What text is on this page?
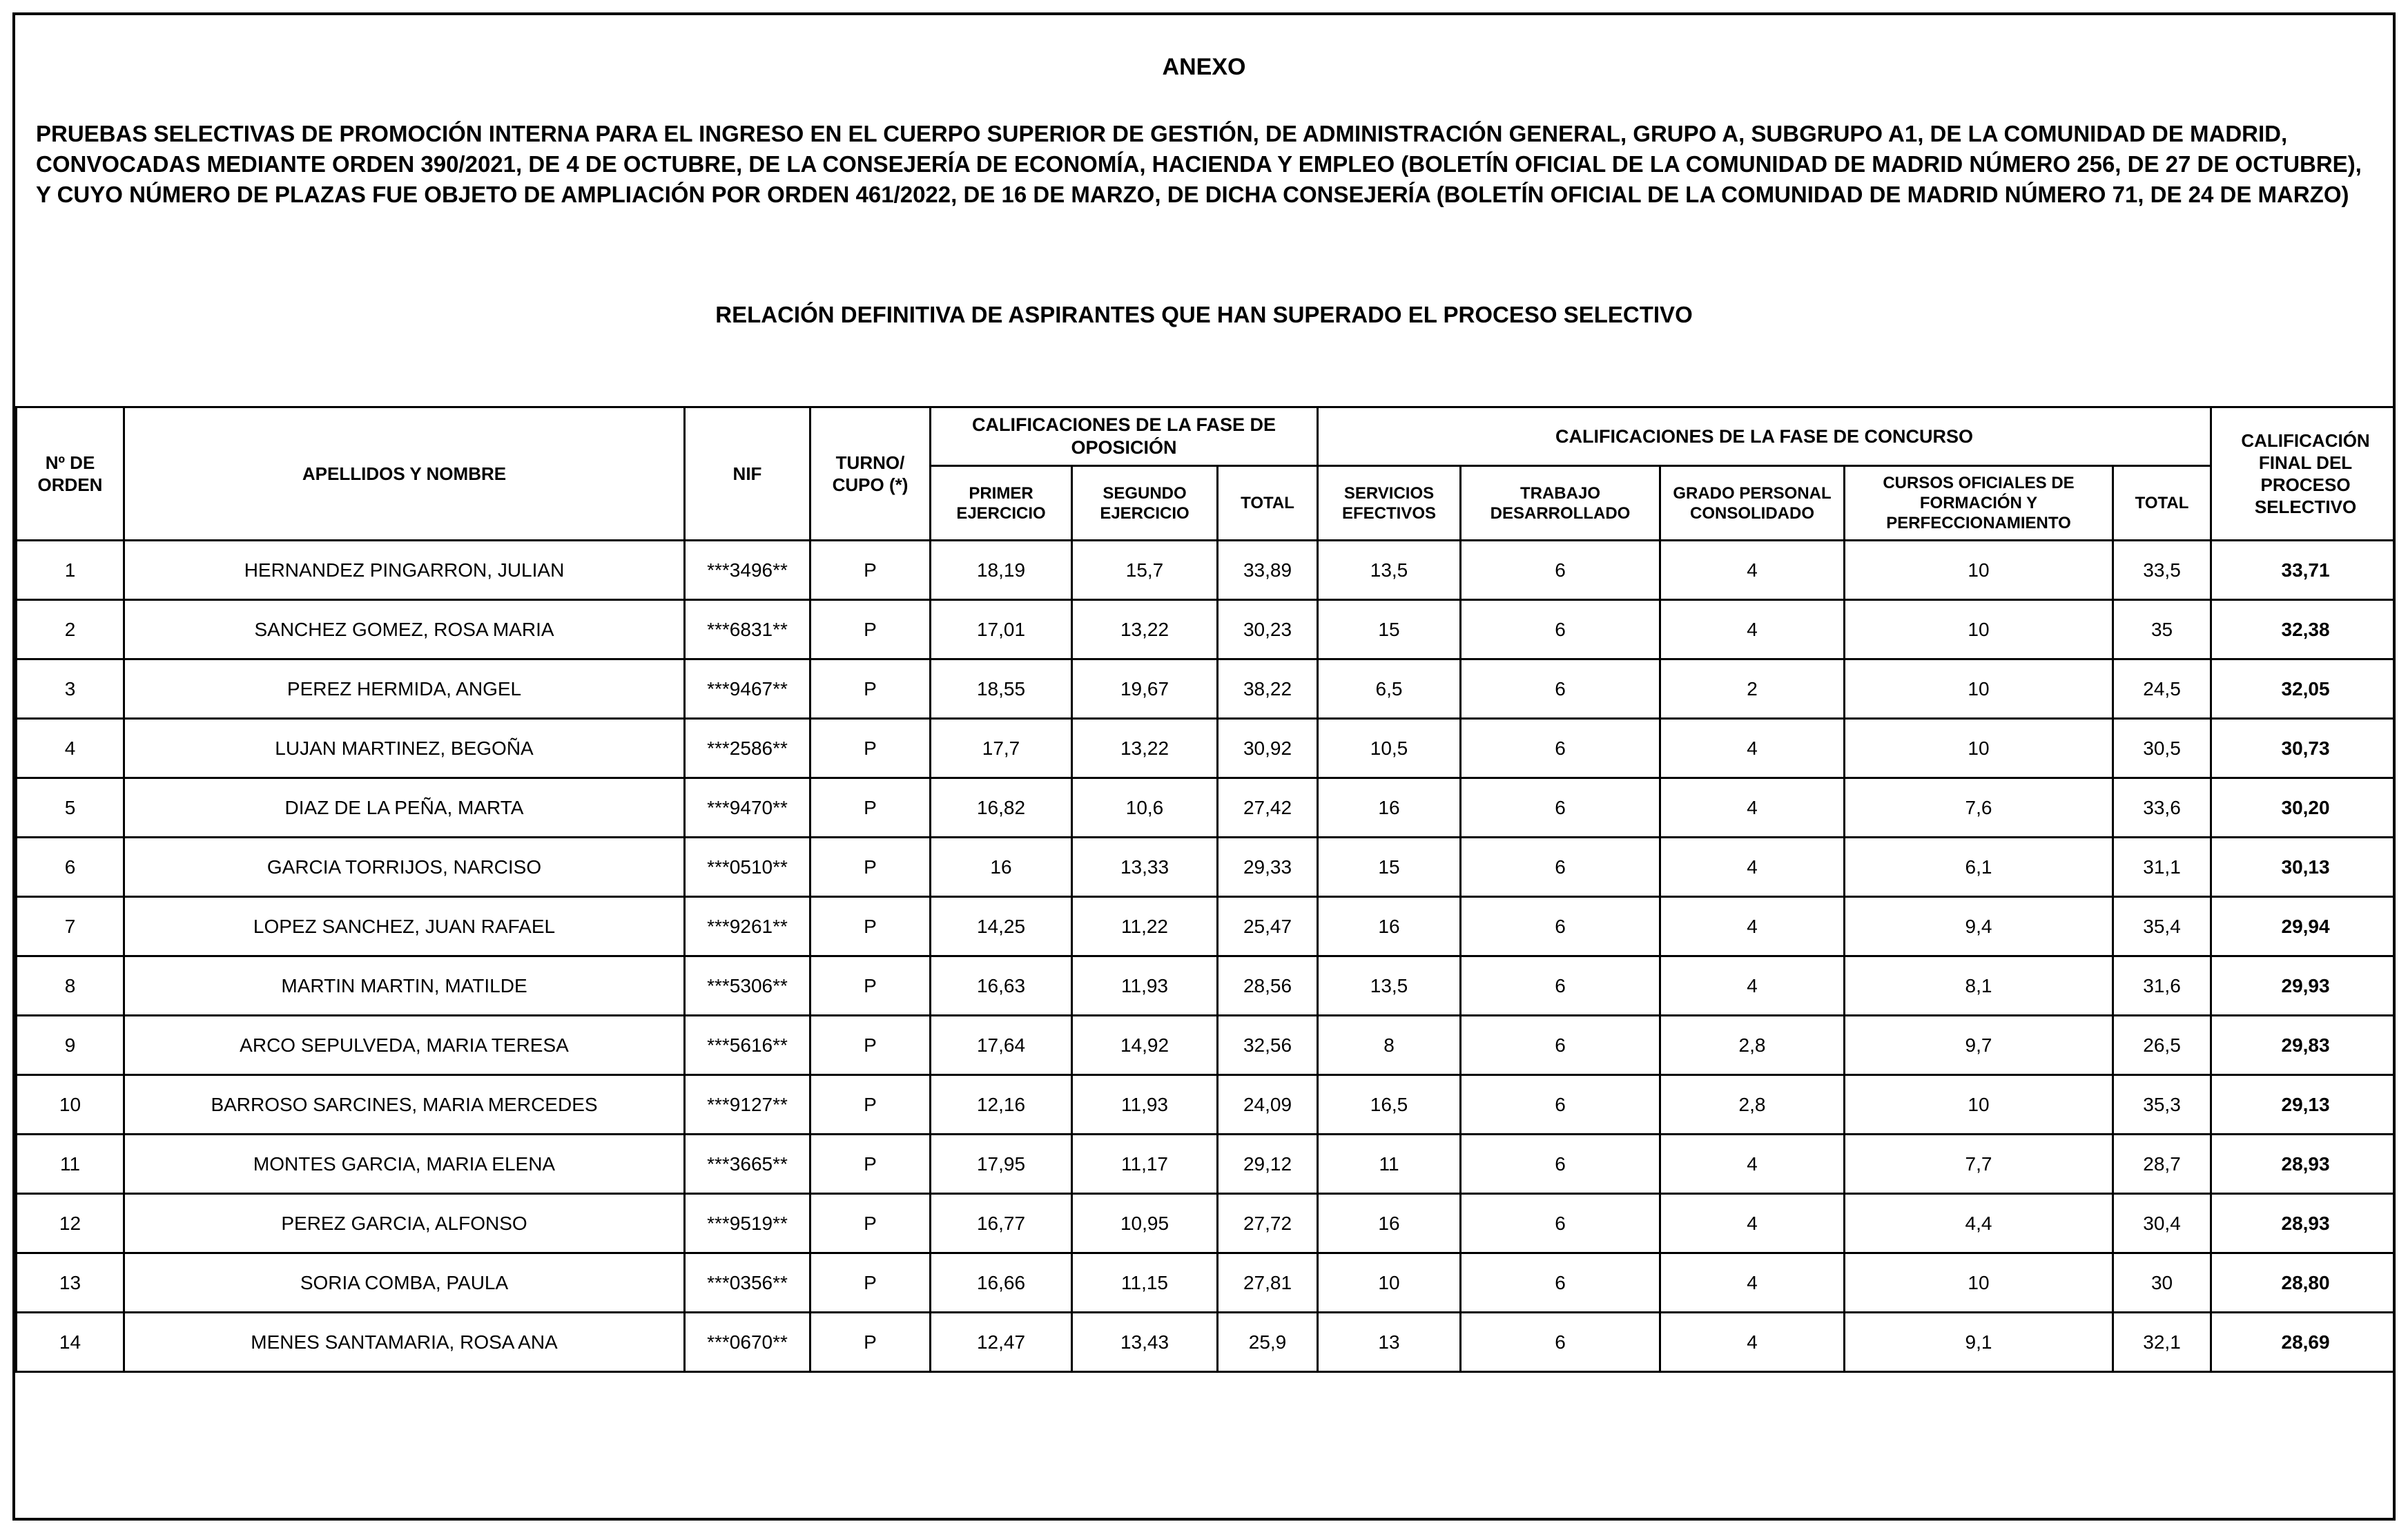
ANEXO

PRUEBAS SELECTIVAS DE PROMOCIÓN INTERNA PARA EL INGRESO EN EL CUERPO SUPERIOR DE GESTIÓN, DE ADMINISTRACIÓN GENERAL, GRUPO A, SUBGRUPO A1, DE LA COMUNIDAD DE MADRID, CONVOCADAS MEDIANTE ORDEN 390/2021, DE 4 DE OCTUBRE, DE LA CONSEJERÍA DE ECONOMÍA, HACIENDA Y EMPLEO (BOLETÍN OFICIAL DE LA COMUNIDAD DE MADRID NÚMERO 256, DE 27 DE OCTUBRE), Y CUYO NÚMERO DE PLAZAS FUE OBJETO DE AMPLIACIÓN POR ORDEN 461/2022, DE 16 DE MARZO, DE DICHA CONSEJERÍA (BOLETÍN OFICIAL DE LA COMUNIDAD DE MADRID NÚMERO 71, DE 24 DE MARZO)

RELACIÓN DEFINITIVA DE ASPIRANTES QUE HAN SUPERADO EL PROCESO SELECTIVO
Nº DE ORDEN	APELLIDOS Y NOMBRE	NIF	TURNO/ CUPO (*)	CALIFICACIONES DE LA FASE DE OPOSICIÓN			CALIFICACIONES DE LA FASE DE CONCURSO					CALIFICACIÓN FINAL DEL PROCESO SELECTIVO
				PRIMER EJERCICIO	SEGUNDO EJERCICIO	TOTAL	SERVICIOS EFECTIVOS	TRABAJO DESARROLLADO	GRADO PERSONAL CONSOLIDADO	CURSOS OFICIALES DE FORMACIÓN Y PERFECCIONAMIENTO	TOTAL	
1	HERNANDEZ PINGARRON, JULIAN	***3496**	P	18,19	15,7	33,89	13,5	6	4	10	33,5	33,71
2	SANCHEZ GOMEZ, ROSA MARIA	***6831**	P	17,01	13,22	30,23	15	6	4	10	35	32,38
3	PEREZ HERMIDA, ANGEL	***9467**	P	18,55	19,67	38,22	6,5	6	2	10	24,5	32,05
4	LUJAN MARTINEZ, BEGOÑA	***2586**	P	17,7	13,22	30,92	10,5	6	4	10	30,5	30,73
5	DIAZ DE LA PEÑA, MARTA	***9470**	P	16,82	10,6	27,42	16	6	4	7,6	33,6	30,20
6	GARCIA TORRIJOS, NARCISO	***0510**	P	16	13,33	29,33	15	6	4	6,1	31,1	30,13
7	LOPEZ SANCHEZ, JUAN RAFAEL	***9261**	P	14,25	11,22	25,47	16	6	4	9,4	35,4	29,94
8	MARTIN MARTIN, MATILDE	***5306**	P	16,63	11,93	28,56	13,5	6	4	8,1	31,6	29,93
9	ARCO SEPULVEDA, MARIA TERESA	***5616**	P	17,64	14,92	32,56	8	6	2,8	9,7	26,5	29,83
10	BARROSO SARCINES, MARIA MERCEDES	***9127**	P	12,16	11,93	24,09	16,5	6	2,8	10	35,3	29,13
11	MONTES GARCIA, MARIA ELENA	***3665**	P	17,95	11,17	29,12	11	6	4	7,7	28,7	28,93
12	PEREZ GARCIA, ALFONSO	***9519**	P	16,77	10,95	27,72	16	6	4	4,4	30,4	28,93
13	SORIA COMBA, PAULA	***0356**	P	16,66	11,15	27,81	10	6	4	10	30	28,80
14	MENES SANTAMARIA, ROSA ANA	***0670**	P	12,47	13,43	25,9	13	6	4	9,1	32,1	28,69
